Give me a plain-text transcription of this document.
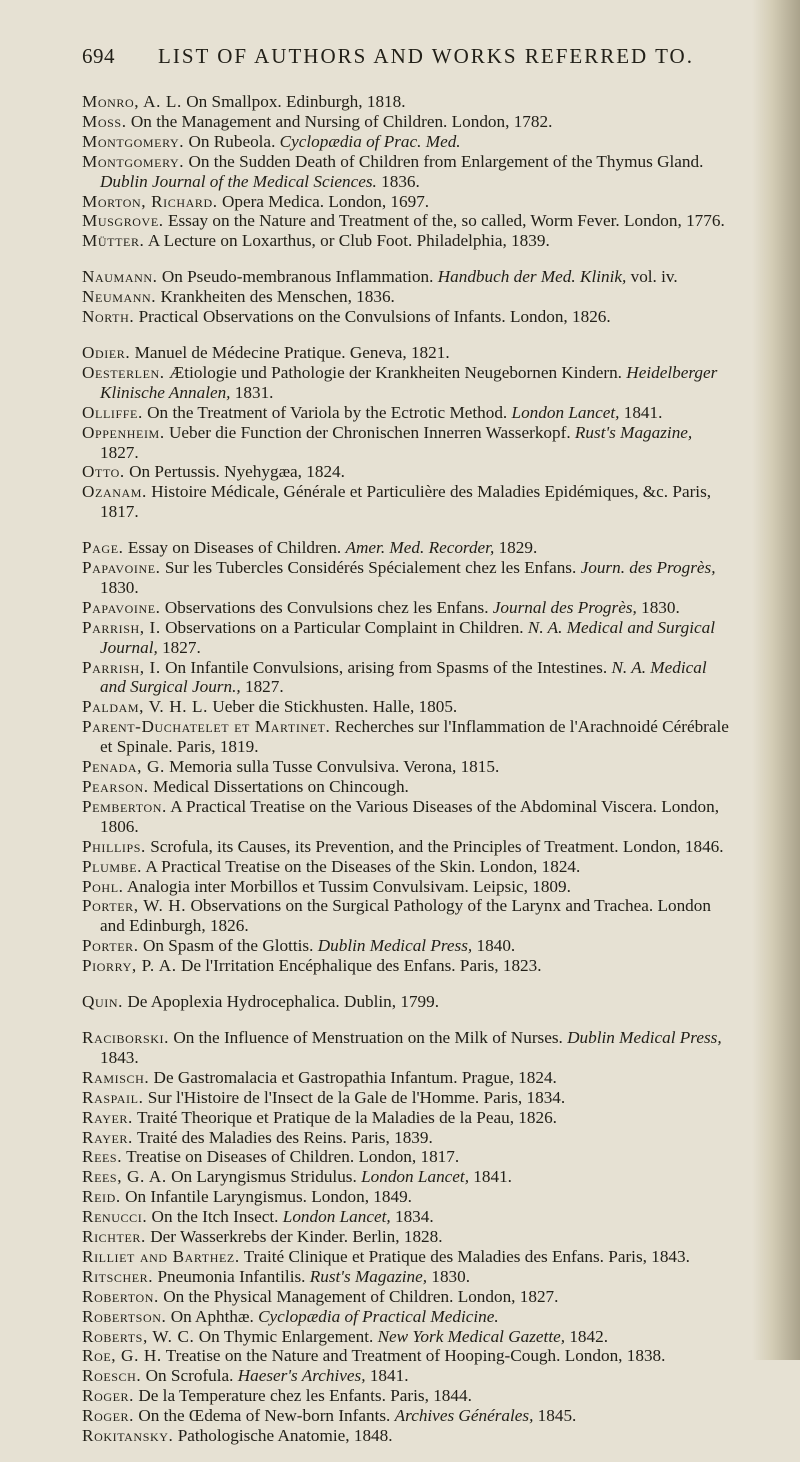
694	LIST OF AUTHORS AND WORKS REFERRED TO.
Monro, A. L. On Smallpox. Edinburgh, 1818.
Moss. On the Management and Nursing of Children. London, 1782.
Montgomery. On Rubeola. Cyclopædia of Prac. Med.
Montgomery. On the Sudden Death of Children from Enlargement of the Thymus Gland. Dublin Journal of the Medical Sciences. 1836.
Morton, Richard. Opera Medica. London, 1697.
Musgrove. Essay on the Nature and Treatment of the, so called, Worm Fever. London, 1776.
Mütter. A Lecture on Loxarthus, or Club Foot. Philadelphia, 1839.
Naumann. On Pseudo-membranous Inflammation. Handbuch der Med. Klinik, vol. iv.
Neumann. Krankheiten des Menschen, 1836.
North. Practical Observations on the Convulsions of Infants. London, 1826.
Odier. Manuel de Médecine Pratique. Geneva, 1821.
Oesterlen. Ætiologie und Pathologie der Krankheiten Neugebornen Kindern. Heidelberger Klinische Annalen, 1831.
Olliffe. On the Treatment of Variola by the Ectrotic Method. London Lancet, 1841.
Oppenheim. Ueber die Function der Chronischen Innerren Wasserkopf. Rust's Magazine, 1827.
Otto. On Pertussis. Nyehygæa, 1824.
Ozanam. Histoire Médicale, Générale et Particulière des Maladies Epidémiques, &c. Paris, 1817.
Page. Essay on Diseases of Children. Amer. Med. Recorder, 1829.
Papavoine. Sur les Tubercles Considérés Spécialement chez les Enfans. Journ. des Progrès, 1830.
Papavoine. Observations des Convulsions chez les Enfans. Journal des Progrès, 1830.
Parrish, I. Observations on a Particular Complaint in Children. N. A. Medical and Surgical Journal, 1827.
Parrish, I. On Infantile Convulsions, arising from Spasms of the Intestines. N. A. Medical and Surgical Journ., 1827.
Paldam, V. H. L. Ueber die Stickhusten. Halle, 1805.
Parent-Duchatelet et Martinet. Recherches sur l'Inflammation de l'Arachnoidé Cérébrale et Spinale. Paris, 1819.
Penada, G. Memoria sulla Tusse Convulsiva. Verona, 1815.
Pearson. Medical Dissertations on Chincough.
Pemberton. A Practical Treatise on the Various Diseases of the Abdominal Viscera. London, 1806.
Phillips. Scrofula, its Causes, its Prevention, and the Principles of Treatment. London, 1846.
Plumbe. A Practical Treatise on the Diseases of the Skin. London, 1824.
Pohl. Analogia inter Morbillos et Tussim Convulsivam. Leipsic, 1809.
Porter, W. H. Observations on the Surgical Pathology of the Larynx and Trachea. London and Edinburgh, 1826.
Porter. On Spasm of the Glottis. Dublin Medical Press, 1840.
Piorry, P. A. De l'Irritation Encéphalique des Enfans. Paris, 1823.
Quin. De Apoplexia Hydrocephalica. Dublin, 1799.
Raciborski. On the Influence of Menstruation on the Milk of Nurses. Dublin Medical Press, 1843.
Ramisch. De Gastromalacia et Gastropathia Infantum. Prague, 1824.
Raspail. Sur l'Histoire de l'Insect de la Gale de l'Homme. Paris, 1834.
Rayer. Traité Theorique et Pratique de la Maladies de la Peau, 1826.
Rayer. Traité des Maladies des Reins. Paris, 1839.
Rees. Treatise on Diseases of Children. London, 1817.
Rees, G. A. On Laryngismus Stridulus. London Lancet, 1841.
Reid. On Infantile Laryngismus. London, 1849.
Renucci. On the Itch Insect. London Lancet, 1834.
Richter. Der Wasserkrebs der Kinder. Berlin, 1828.
Rilliet and Barthez. Traité Clinique et Pratique des Maladies des Enfans. Paris, 1843.
Ritscher. Pneumonia Infantilis. Rust's Magazine, 1830.
Roberton. On the Physical Management of Children. London, 1827.
Robertson. On Aphthæ. Cyclopædia of Practical Medicine.
Roberts, W. C. On Thymic Enlargement. New York Medical Gazette, 1842.
Roe, G. H. Treatise on the Nature and Treatment of Hooping-Cough. London, 1838.
Roesch. On Scrofula. Haeser's Archives, 1841.
Roger. De la Temperature chez les Enfants. Paris, 1844.
Roger. On the Œdema of New-born Infants. Archives Générales, 1845.
Rokitansky. Pathologische Anatomie, 1848.
